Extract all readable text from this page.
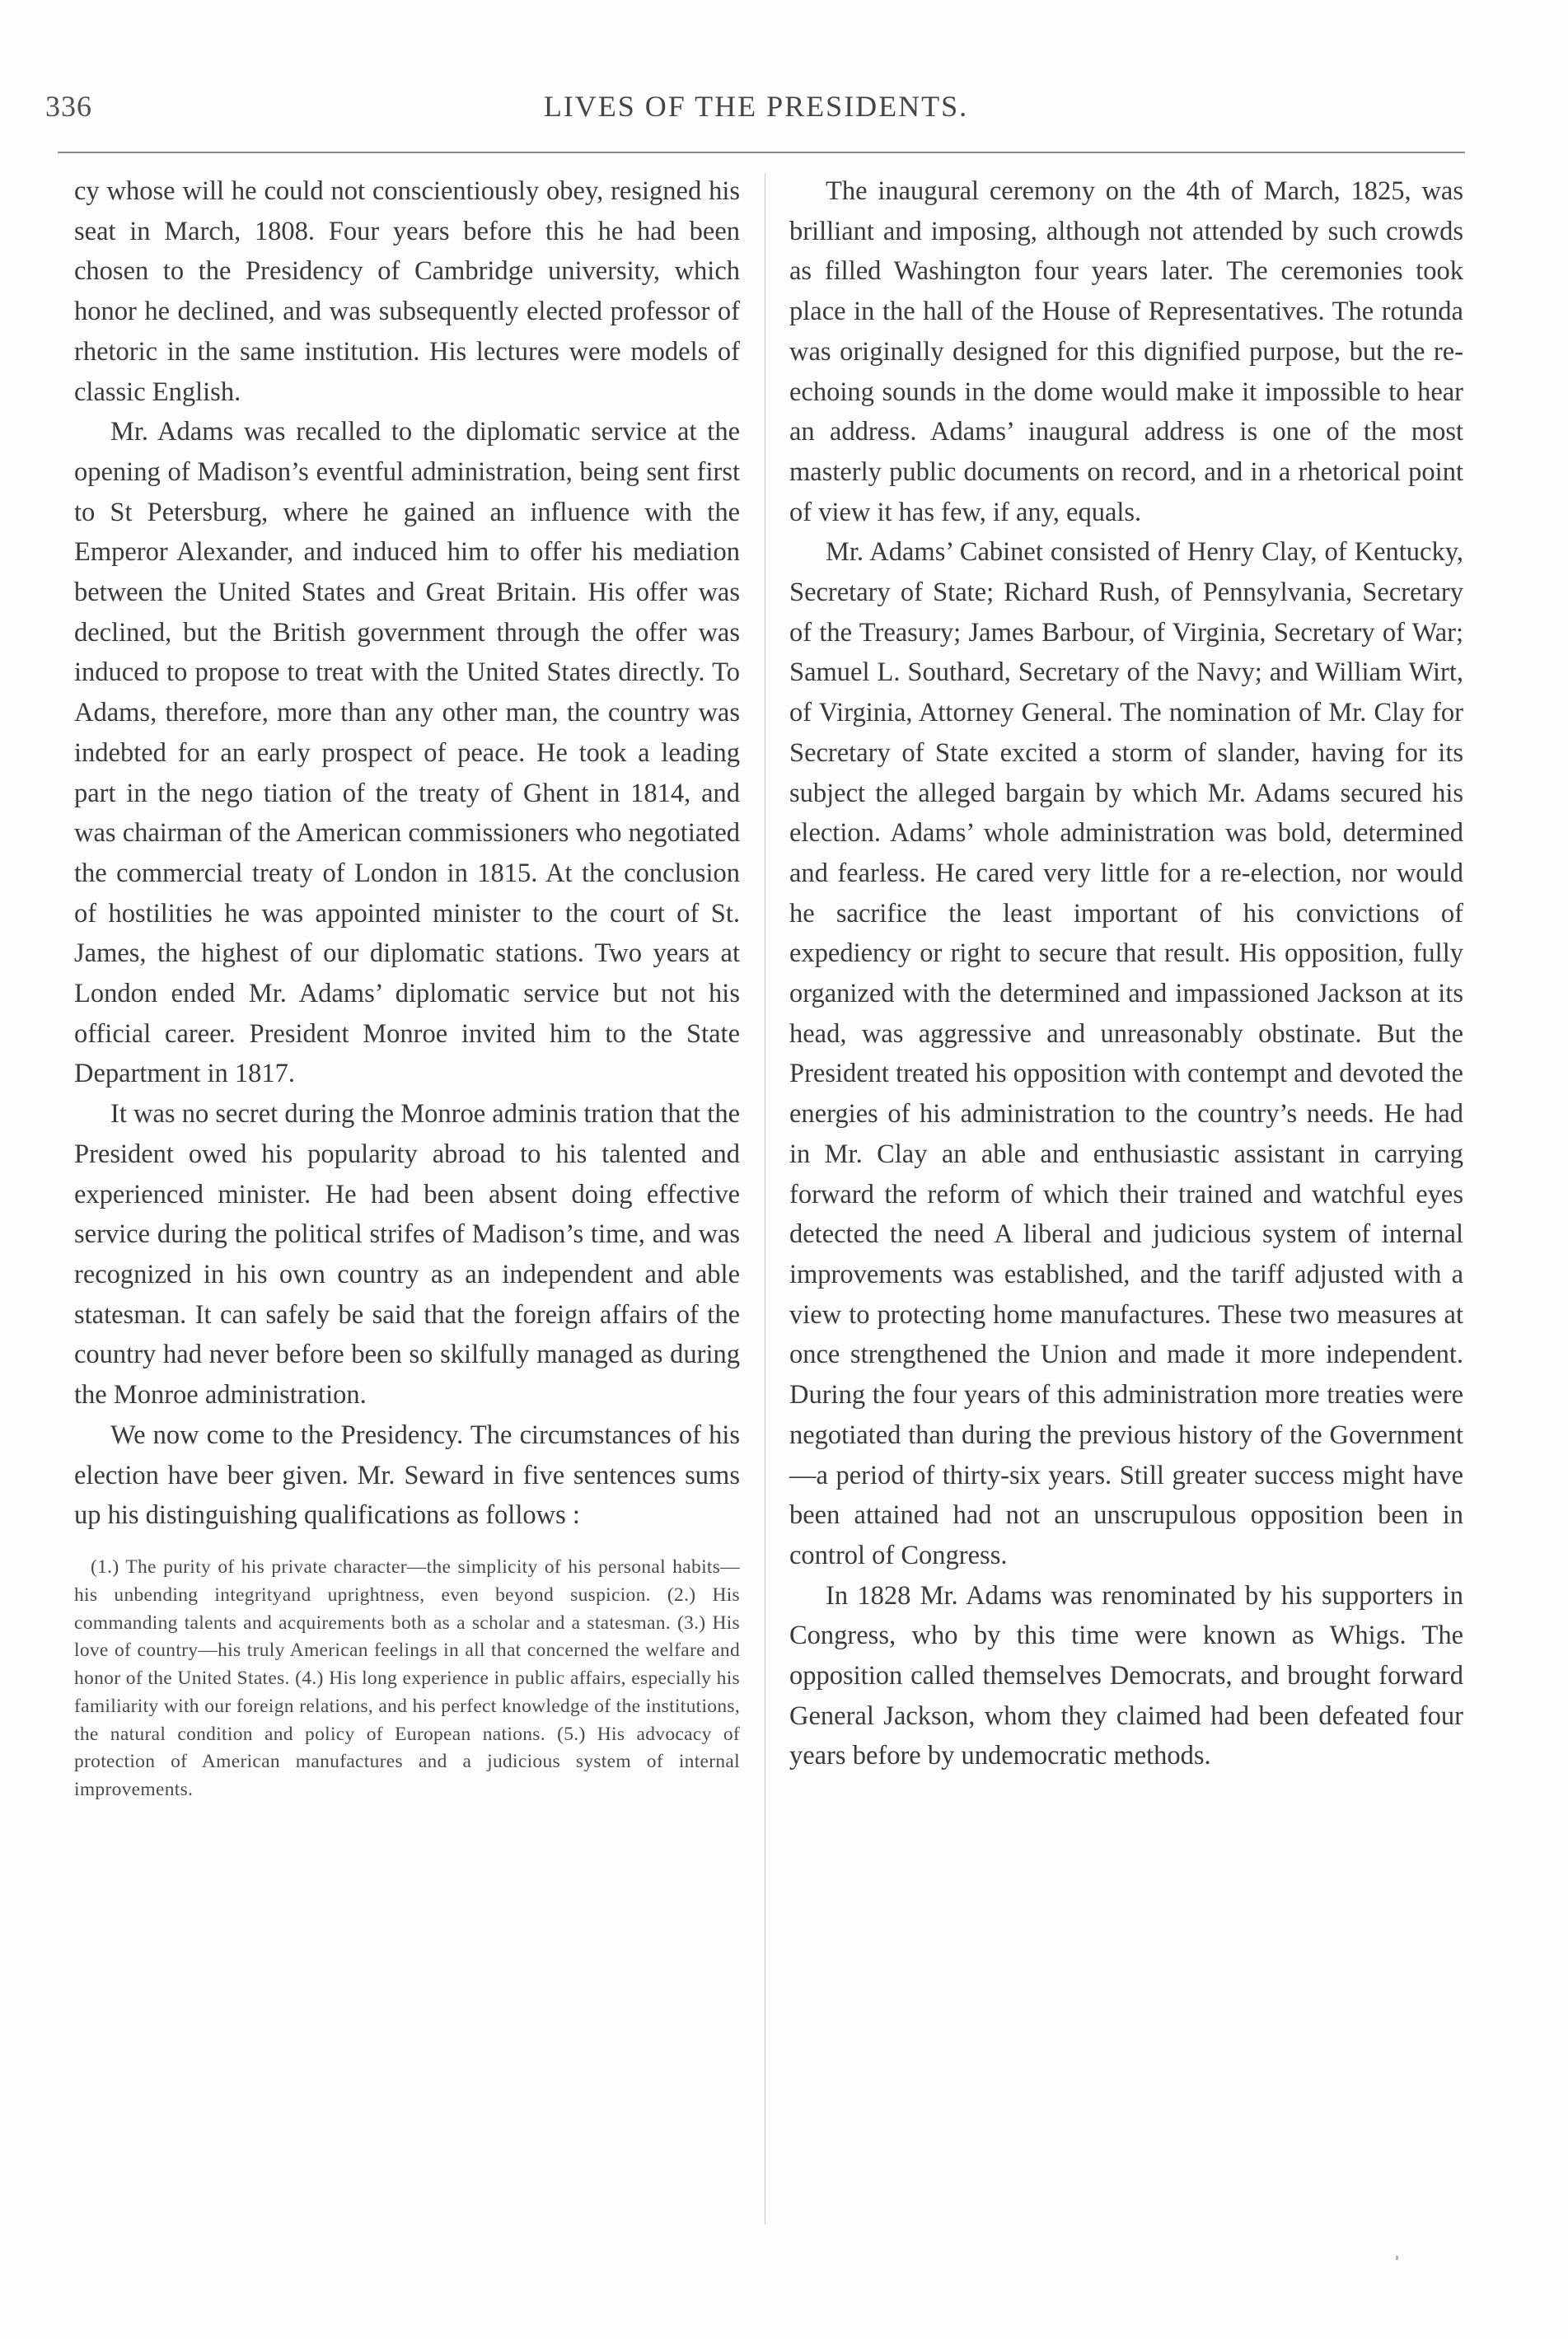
336	LIVES OF THE PRESIDENTS.

cy whose will he could not conscientiously obey, resigned his seat in March, 1808. Four years before this he had been chosen to the Presidency of Cambridge university, which honor he declined, and was subsequently elected professor of rhetoric in the same institution. His lectures were models of classic English.

Mr. Adams was recalled to the diplomatic service at the opening of Madison’s eventful administration, being sent first to St Petersburg, where he gained an influence with the Emperor Alexander, and induced him to offer his mediation between the United States and Great Britain. His offer was declined, but the British government through the offer was induced to propose to treat with the United States directly. To Adams, therefore, more than any other man, the country was indebted for an early prospect of peace. He took a leading part in the nego tiation of the treaty of Ghent in 1814, and was chairman of the American commissioners who negotiated the commercial treaty of London in 1815. At the conclusion of hostilities he was appointed minister to the court of St. James, the highest of our diplomatic stations. Two years at London ended Mr. Adams’ diplomatic service but not his official career. President Monroe invited him to the State Department in 1817.

It was no secret during the Monroe adminis tration that the President owed his popularity abroad to his talented and experienced minister. He had been absent doing effective service during the political strifes of Madison’s time, and was recognized in his own country as an independent and able statesman. It can safely be said that the foreign affairs of the country had never before been so skilfully managed as during the Monroe administration.

We now come to the Presidency. The circumstances of his election have beer given. Mr. Seward in five sentences sums up his distinguishing qualifications as follows :

(1.) The purity of his private character—the simplicity of his personal habits—his unbending integrityand uprightness, even beyond suspicion. (2.) His commanding talents and acquirements both as a scholar and a statesman. (3.) His love of country—his truly American feelings in all that concerned the welfare and honor of the United States. (4.) His long experience in public affairs, especially his familiarity with our foreign relations, and his perfect knowledge of the institutions, the natural condition and policy of European nations. (5.) His advocacy of protection of American manufactures and a judicious system of internal improvements.

The inaugural ceremony on the 4th of March, 1825, was brilliant and imposing, although not attended by such crowds as filled Washington four years later. The ceremonies took place in the hall of the House of Representatives. The rotunda was originally designed for this dignified purpose, but the re-echoing sounds in the dome would make it impossible to hear an address. Adams’ inaugural address is one of the most masterly public documents on record, and in a rhetorical point of view it has few, if any, equals.

Mr. Adams’ Cabinet consisted of Henry Clay, of Kentucky, Secretary of State; Richard Rush, of Pennsylvania, Secretary of the Treasury; James Barbour, of Virginia, Secretary of War; Samuel L. Southard, Secretary of the Navy; and William Wirt, of Virginia, Attorney General. The nomination of Mr. Clay for Secretary of State excited a storm of slander, having for its subject the alleged bargain by which Mr. Adams secured his election. Adams’ whole administration was bold, determined and fearless. He cared very little for a re-election, nor would he sacrifice the least important of his convictions of expediency or right to secure that result. His opposition, fully organized with the determined and impassioned Jackson at its head, was aggressive and unreasonably obstinate. But the President treated his opposition with contempt and devoted the energies of his administration to the country’s needs. He had in Mr. Clay an able and enthusiastic assistant in carrying forward the reform of which their trained and watchful eyes detected the need A liberal and judicious system of internal improvements was established, and the tariff adjusted with a view to protecting home manufactures. These two measures at once strengthened the Union and made it more independent. During the four years of this administration more treaties were negotiated than during the previous history of the Government —a period of thirty-six years. Still greater success might have been attained had not an unscrupulous opposition been in control of Congress.

In 1828 Mr. Adams was renominated by his supporters in Congress, who by this time were known as Whigs. The opposition called themselves Democrats, and brought forward General Jackson, whom they claimed had been defeated four years before by undemocratic methods.
